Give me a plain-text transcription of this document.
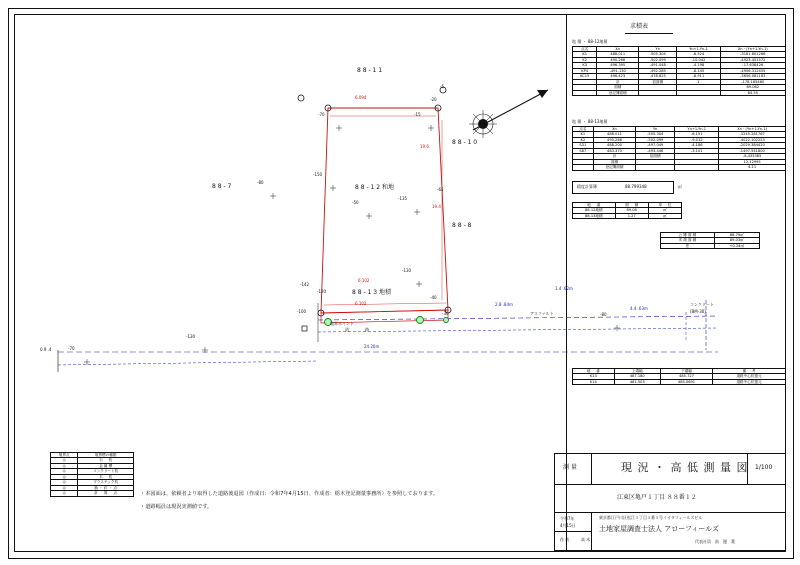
求積表
地 積 ・ 88-12地積
点名	Xn	Yn	Yn+1-Yn-1	Xn・(Yn+1-Yn-1)
K1	488.011	-505.304	-6.524	-3181.801266
K2	490.266	-502.099	-10.042	-4923.451572
K3	496.395	-491.048	-4.198	-17.638426
KP4	-491.130	-492.285	-8.145	-4906.312455
KC15	496.423	-478.825	-8.911	-3656.081183
	計	倍面積	1	-178.165460
	面積			89.082
	登記簿面積			84.55
地 積 ・ 88-13地積
点名	Xn	Yn	Yn+1-Yn-1	Xn・(Yn+1-Yn-1)
K1	488.011	-505.304	-6.151	-3245.281767
K2	490.266	-502.099	-9.012	-4022.102253
S31	488.200	-497.049	-4.186	-2029.384420
S87	483.370	-493.446	-3.101	-1497.541800
	計	倍面積		-8.435385
	面積			12.12995
	登記簿面積			4.11
精度計算簿	88.799348	㎡
地 　 番	面 　 積	単 　 位
88-12地積	89.08	㎡
88-13地積	1.27	㎡
公 簿 面 積	88.79㎡
実 測 面 積	89.03㎡
差	+0.24㎡
地 　 番	上端幅	下端幅	備 　 考
K13	487.180	485.727	道路中心杭復元
K14	481.503	485.0691	道路中心杭復元
測 量	現 況 ・ 高 低 測 量 図 1/100
江東区亀戸１丁目 ８８番１２
令和7年
4月15日
作 成	高 木
東京都江戸川区松江１丁目１番１号イオタフィールズビル
土地家屋調査士法人 アローフィールズ
代表社員　前　邊　葉
・本図面は、依頼者より取得した道路後退図（作成日：令和7年4月15日、作成者：栃木登記測量事務所）を参照しております。
・道路幅員は現況実測値です。
境界点	境界標の種類
◎	石 　 杭
◎	金 属 標
◎	コンクリート杭
◎	木 　 杭
◎	プラスチック杭
◎	鋲 ・ 釘 ・ 点
◎	計 　 算 　 点
8 8 - 1 1
8 8 - 1 0
8 8 - 7	8 8 - 1 2 和地
8 8 - 8
8 8 - 1 3 地積
6.094
6.102
6.102
19.6
19.4
24.20m
2.8 .84m
1.4 .62m
4.4 .63m
0.9 .4
-70
-20
-15
-150
-50
-135
-80
-65
-130
-142
-120
-100
-40
-30
-130
-70
-80
-5
道　　　　路
アスファルト
コンクリート
(BM-30)
境界ポイント
